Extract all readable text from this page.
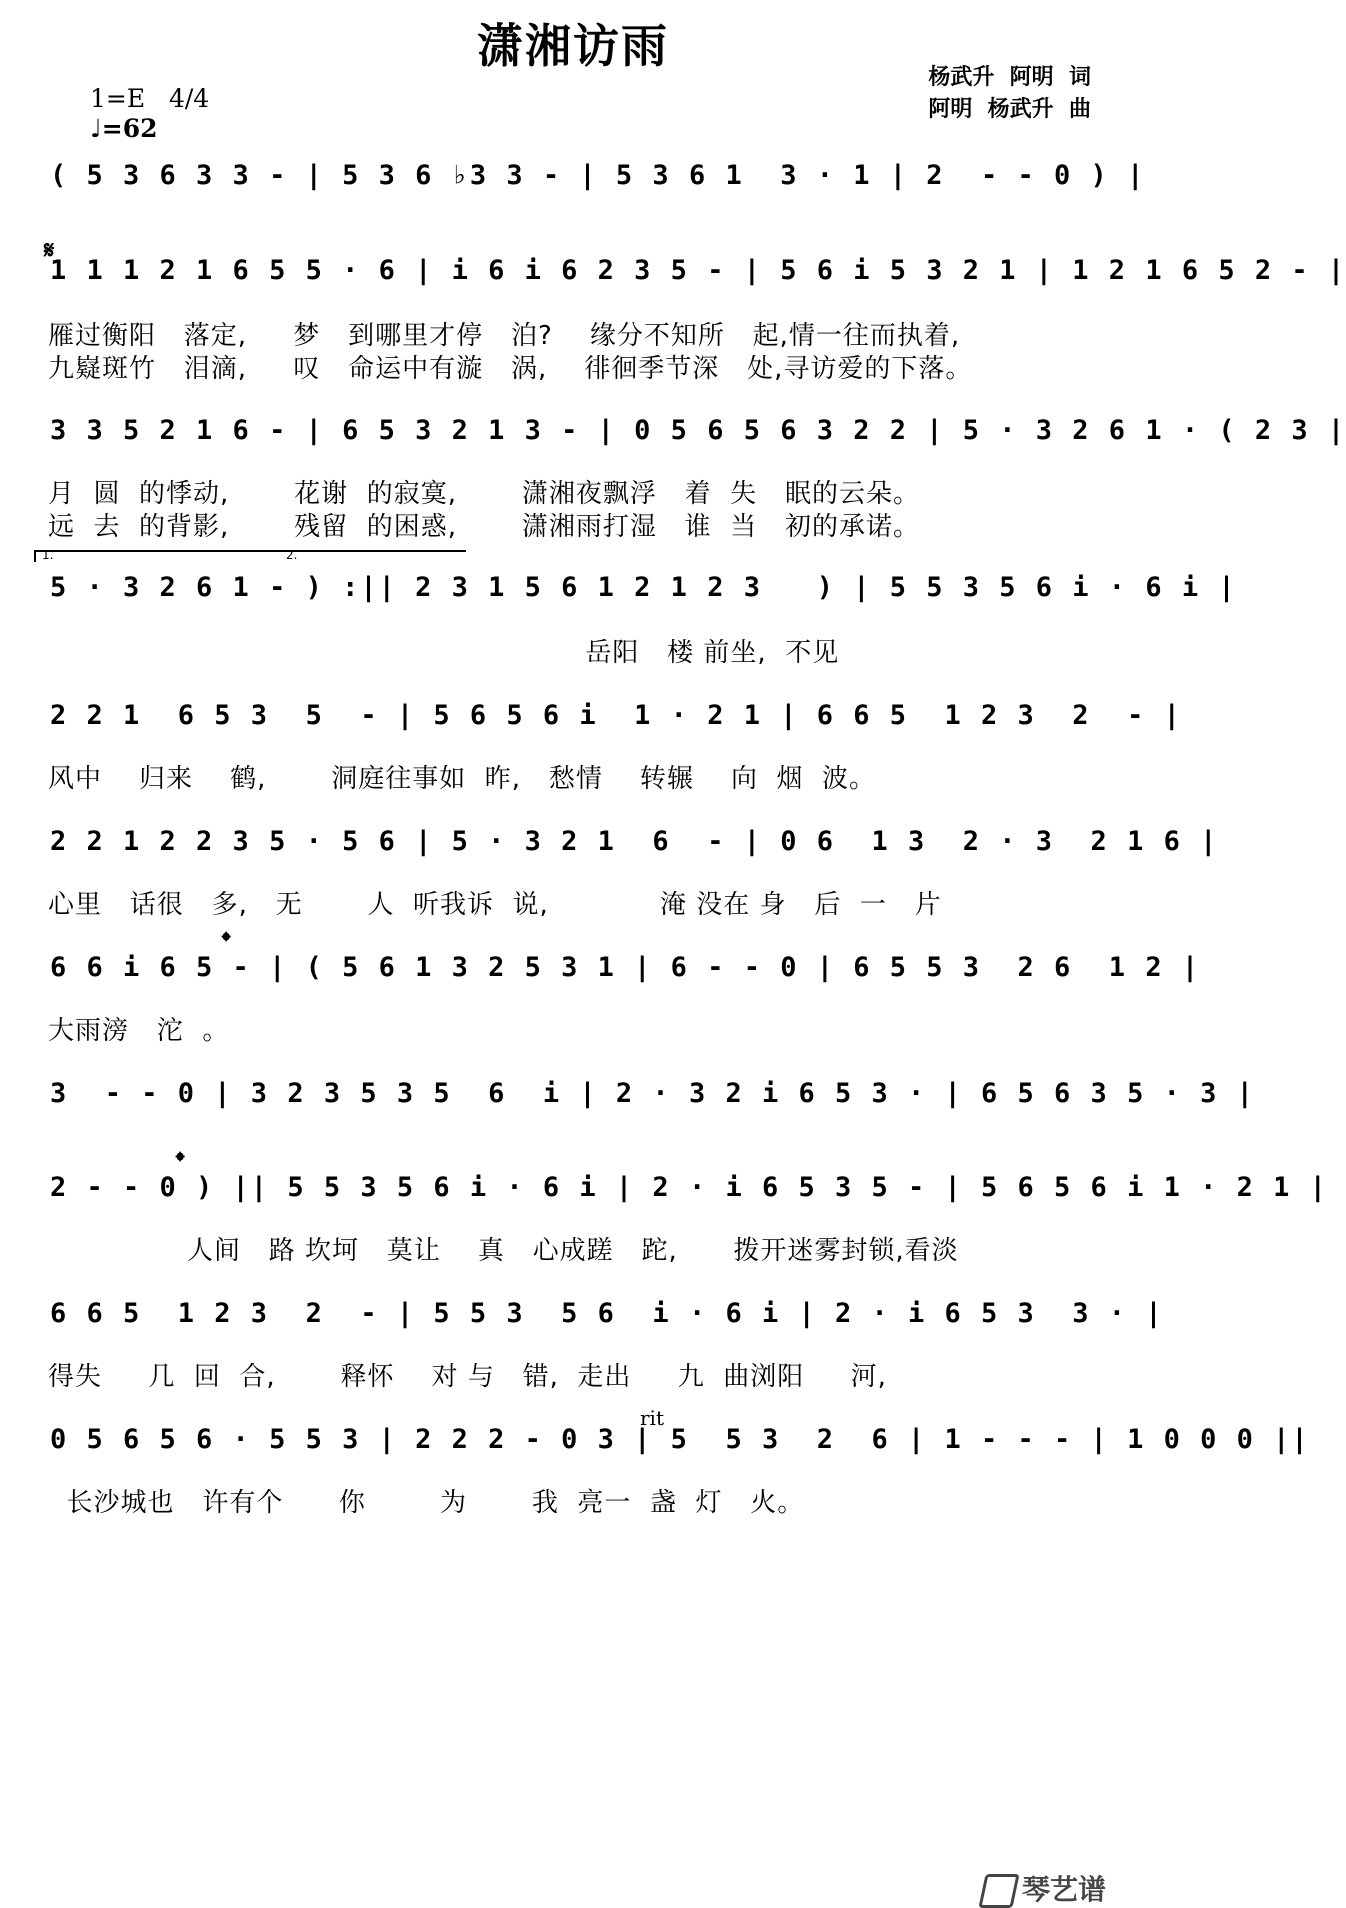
潇湘访雨
杨武升  阿明  词
阿明  杨武升  曲
1=E   4/4
♩=62
( 5 3 6 3 3 - | 5 3 6 ♭3 3 - | 5 3 6 1  3 · 1 | 2  - - 0 ) |
𝄋
1 1 1 2 1 6 5 5 · 6 | i 6 i 6 2 3 5 - | 5 6 i 5 3 2 1 | 1 2 1 6 5 2 - |
雁过衡阳   落定,     梦   到哪里才停   泊?    缘分不知所   起,情一往而执着,
九嶷斑竹   泪滴,     叹   命运中有漩   涡,    徘徊季节深   处,寻访爱的下落。
3 3 5 2 1 6 - | 6 5 3 2 1 3 - | 0 5 6 5 6 3 2 2 | 5 · 3 2 6 1 · ( 2 3 |
月  圆  的悸动,       花谢  的寂寞,       潇湘夜飘浮   着  失   眠的云朵。
远  去  的背影,       残留  的困惑,       潇湘雨打湿   谁  当   初的承诺。
1.	2.
5 · 3 2 6 1 - ) :|| 2 3 1 5 6 1 2 1 2 3   ) | 5 5 3 5 6 i · 6 i |
岳阳   楼 前坐,  不见
2 2 1  6 5 3  5  - | 5 6 5 6 i  1 · 2 1 | 6 6 5  1 2 3  2  - |
风中    归来    鹤,       洞庭往事如  昨,   愁情    转辗    向  烟  波。
2 2 1 2 2 3 5 · 5 6 | 5 · 3 2 1  6  - | 0 6  1 3  2 · 3  2 1 6 |
心里   话很   多,   无       人  听我诉  说,            淹 没在 身   后  一   片
𝄌
6 6 i 6 5 - | ( 5 6 1 3 2 5 3 1 | 6 - - 0 | 6 5 5 3  2 6  1 2 |
大雨滂   沱  。
3  - - 0 | 3 2 3 5 3 5  6  i | 2 · 3 2 i 6 5 3 · | 6 5 6 3 5 · 3 |
𝄌
2 - - 0 ) || 5 5 3 5 6 i · 6 i | 2 · i 6 5 3 5 - | 5 6 5 6 i 1 · 2 1 |
人间   路 坎坷   莫让    真   心成蹉   跎,      拨开迷雾封锁,看淡
6 6 5  1 2 3  2  - | 5 5 3  5 6  i · 6 i | 2 · i 6 5 3  3 · |
得失     几  回  合,       释怀    对 与   错,  走出     九  曲浏阳     河,
rit
0 5 6 5 6 · 5 5 3 | 2 2 2 - 0 3 | 5  5 3  2  6 | 1 - - - | 1 0 0 0 ||
长沙城也   许有个      你        为       我  亮一  盏  灯   火。

琴艺谱
